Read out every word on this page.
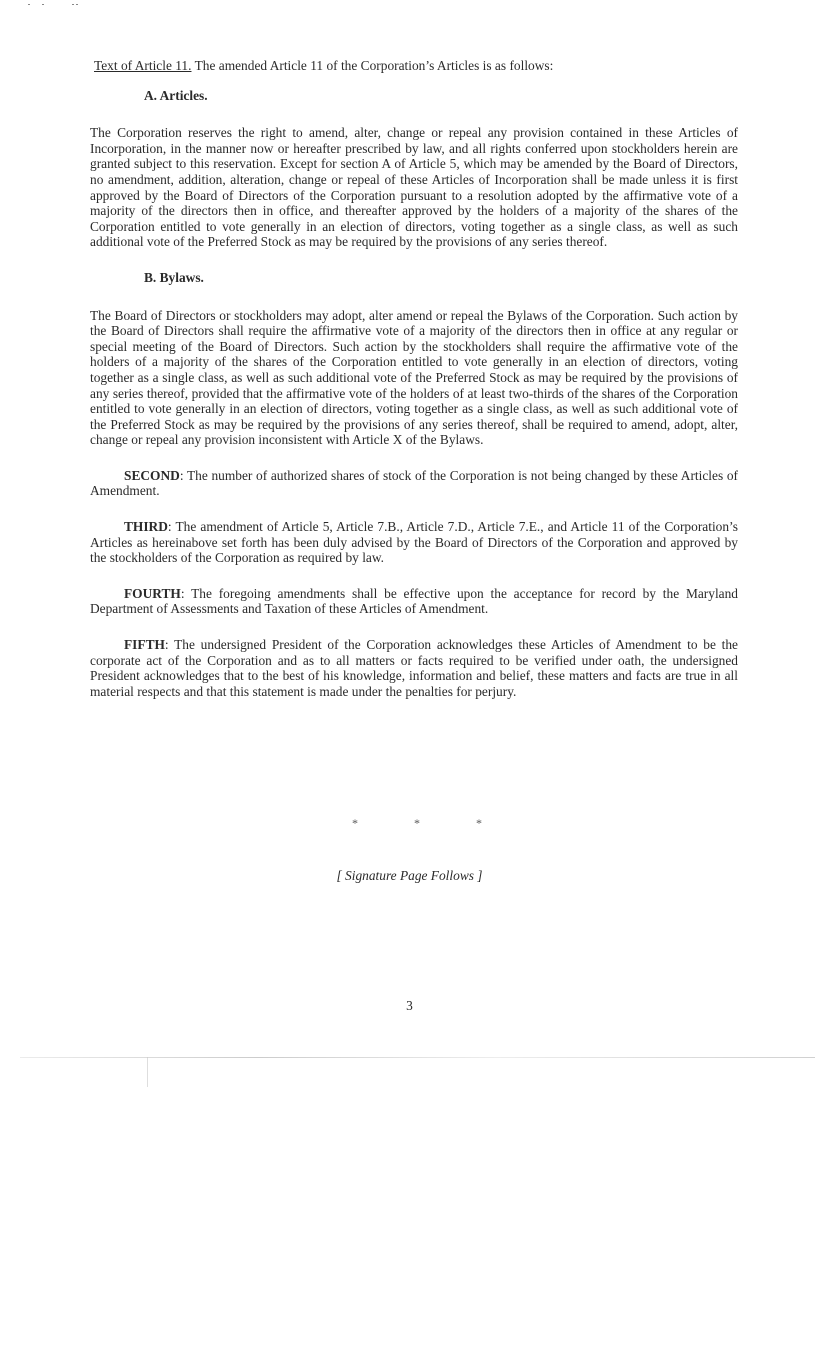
Text of Article 11. The amended Article 11 of the Corporation’s Articles is as follows:

A. Articles.

The Corporation reserves the right to amend, alter, change or repeal any provision contained in these Articles of Incorporation, in the manner now or hereafter prescribed by law, and all rights conferred upon stockholders herein are granted subject to this reservation. Except for section A of Article 5, which may be amended by the Board of Directors, no amendment, addition, alteration, change or repeal of these Articles of Incorporation shall be made unless it is first approved by the Board of Directors of the Corporation pursuant to a resolution adopted by the affirmative vote of a majority of the directors then in office, and thereafter approved by the holders of a majority of the shares of the Corporation entitled to vote generally in an election of directors, voting together as a single class, as well as such additional vote of the Preferred Stock as may be required by the provisions of any series thereof.

B. Bylaws.

The Board of Directors or stockholders may adopt, alter amend or repeal the Bylaws of the Corporation. Such action by the Board of Directors shall require the affirmative vote of a majority of the directors then in office at any regular or special meeting of the Board of Directors. Such action by the stockholders shall require the affirmative vote of the holders of a majority of the shares of the Corporation entitled to vote generally in an election of directors, voting together as a single class, as well as such additional vote of the Preferred Stock as may be required by the provisions of any series thereof, provided that the affirmative vote of the holders of at least two-thirds of the shares of the Corporation entitled to vote generally in an election of directors, voting together as a single class, as well as such additional vote of the Preferred Stock as may be required by the provisions of any series thereof, shall be required to amend, adopt, alter, change or repeal any provision inconsistent with Article X of the Bylaws.

SECOND: The number of authorized shares of stock of the Corporation is not being changed by these Articles of Amendment.

THIRD: The amendment of Article 5, Article 7.B., Article 7.D., Article 7.E., and Article 11 of the Corporation’s Articles as hereinabove set forth has been duly advised by the Board of Directors of the Corporation and approved by the stockholders of the Corporation as required by law.

FOURTH: The foregoing amendments shall be effective upon the acceptance for record by the Maryland Department of Assessments and Taxation of these Articles of Amendment.

FIFTH: The undersigned President of the Corporation acknowledges these Articles of Amendment to be the corporate act of the Corporation and as to all matters or facts required to be verified under oath, the undersigned President acknowledges that to the best of his knowledge, information and belief, these matters and facts are true in all material respects and that this statement is made under the penalties for perjury.

*	*	*
[ Signature Page Follows ]
3
